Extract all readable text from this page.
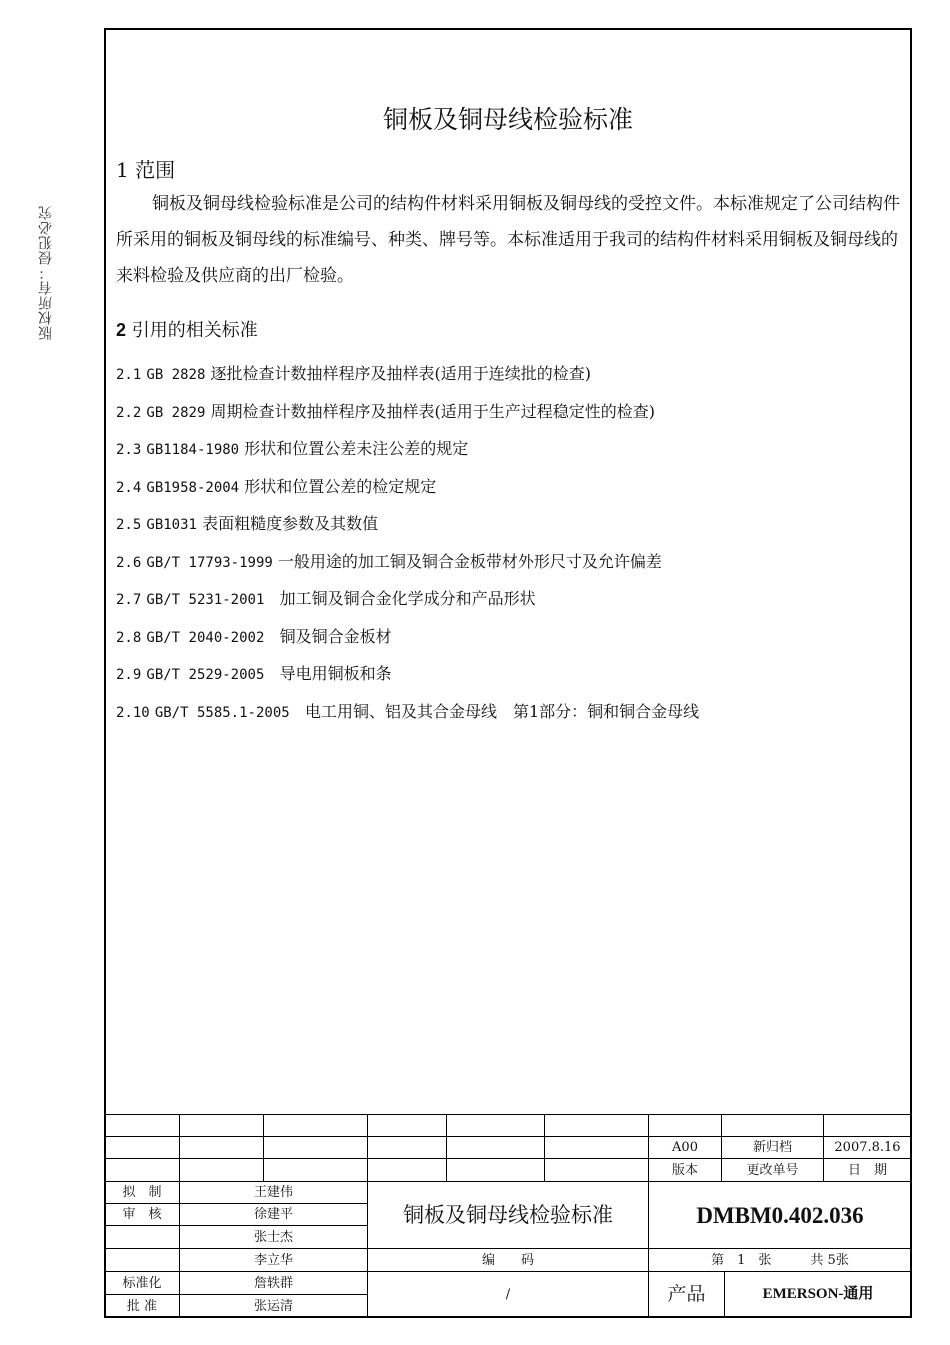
版权所有：侵犯必究
铜板及铜母线检验标准
1 范围
铜板及铜母线检验标准是公司的结构件材料采用铜板及铜母线的受控文件。本标准规定了公司结构件所采用的铜板及铜母线的标准编号、种类、牌号等。本标准适用于我司的结构件材料采用铜板及铜母线的来料检验及供应商的出厂检验。
2 引用的相关标准
2.1 GB 2828 逐批检查计数抽样程序及抽样表(适用于连续批的检查)
2.2 GB 2829 周期检查计数抽样程序及抽样表(适用于生产过程稳定性的检查)
2.3 GB1184-1980 形状和位置公差未注公差的规定
2.4 GB1958-2004 形状和位置公差的检定规定
2.5 GB1031 表面粗糙度参数及其数值
2.6 GB/T 17793-1999 一般用途的加工铜及铜合金板带材外形尺寸及允许偏差
2.7 GB/T 5231-2001 加工铜及铜合金化学成分和产品形状
2.8 GB/T 2040-2002 铜及铜合金板材
2.9 GB/T 2529-2005 导电用铜板和条
2.10 GB/T 5585.1-2005 电工用铜、铝及其合金母线　第1部分：铜和铜合金母线
A00	新归档	2007.8.16
版本	更改单号	日　期
拟　制	王建伟
审　核	徐建平
张士杰
李立华
标准化	詹轶群
批 准	张运清
铜板及铜母线检验标准	DMBM0.402.036
编　　码	第　1　张　　　共 5张
/	产品	EMERSON-通用
